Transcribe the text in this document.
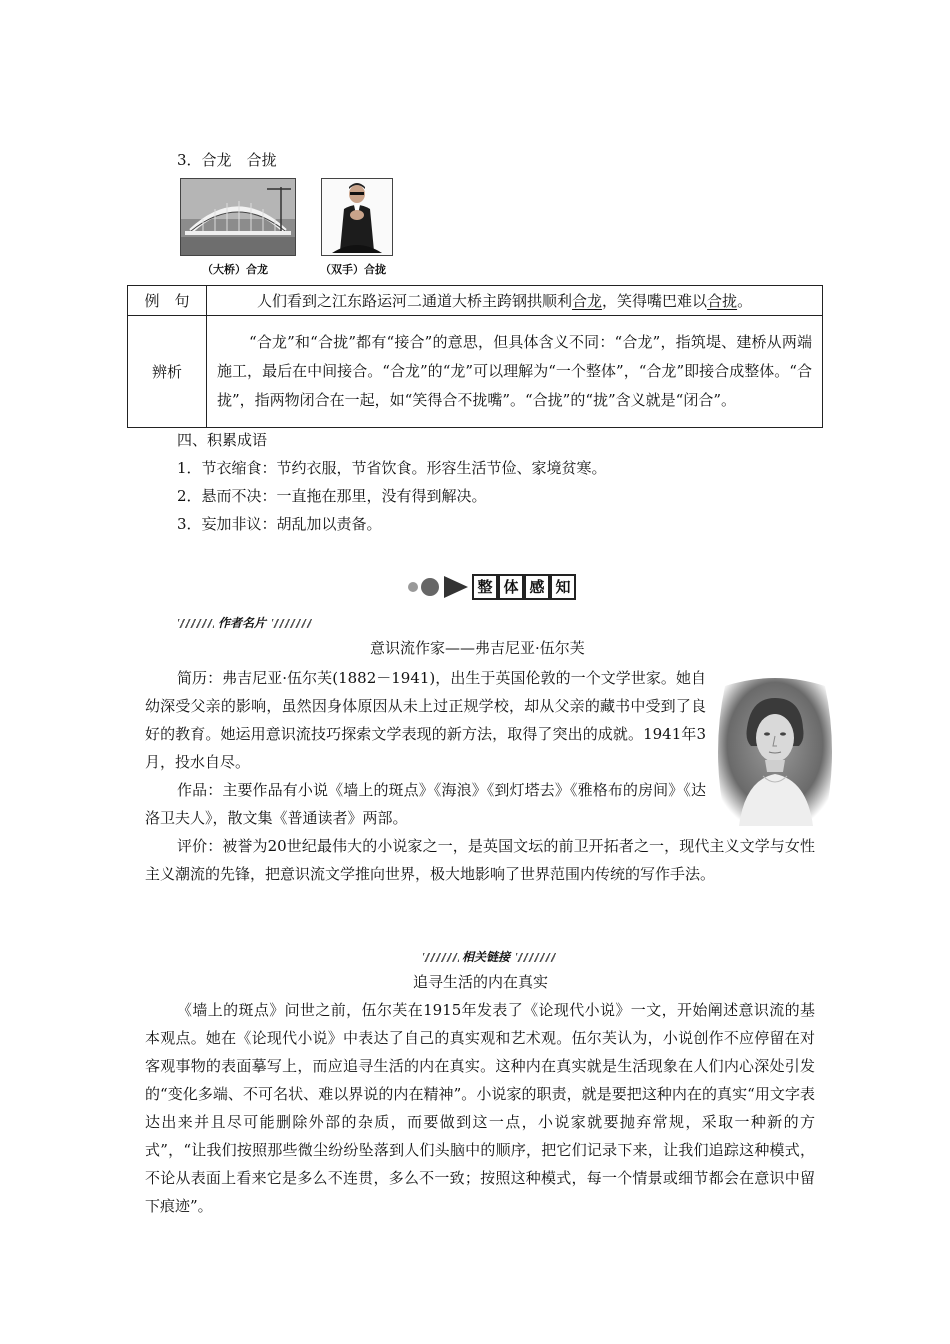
3．合龙　合拢
（大桥）合龙	（双手）合拢
例　句	人们看到之江东路运河二通道大桥主跨钢拱顺利合龙，笑得嘴巴难以合拢。

辨析	“合龙”和“合拢”都有“接合”的意思，但具体含义不同：“合龙”，指筑堤、建桥从两端施工，最后在中间接合。“合龙”的“龙”可以理解为“一个整体”，“合龙”即接合成整体。“合拢”，指两物闭合在一起，如“笑得合不拢嘴”。“合拢”的“拢”含义就是“闭合”。
四、积累成语
1．节衣缩食：节约衣服，节省饮食。形容生活节俭、家境贫寒。
2．悬而不决：一直拖在那里，没有得到解决。
3．妄加非议：胡乱加以责备。
整 体 感 知
作者名片
意识流作家——弗吉尼亚·伍尔芙
简历：弗吉尼亚·伍尔芙(1882－1941)，出生于英国伦敦的一个文学世家。她自幼深受父亲的影响，虽然因身体原因从未上过正规学校，却从父亲的藏书中受到了良好的教育。她运用意识流技巧探索文学表现的新方法，取得了突出的成就。1941年3月，投水自尽。
作品：主要作品有小说《墙上的斑点》《海浪》《到灯塔去》《雅格布的房间》《达洛卫夫人》，散文集《普通读者》两部。
评价：被誉为20世纪最伟大的小说家之一，是英国文坛的前卫开拓者之一，现代主义文学与女性主义潮流的先锋，把意识流文学推向世界，极大地影响了世界范围内传统的写作手法。
相关链接
追寻生活的内在真实
《墙上的斑点》问世之前，伍尔芙在1915年发表了《论现代小说》一文，开始阐述意识流的基本观点。她在《论现代小说》中表达了自己的真实观和艺术观。伍尔芙认为，小说创作不应停留在对客观事物的表面摹写上，而应追寻生活的内在真实。这种内在真实就是生活现象在人们内心深处引发的“变化多端、不可名状、难以界说的内在精神”。小说家的职责，就是要把这种内在的真实“用文字表达出来并且尽可能删除外部的杂质，而要做到这一点，小说家就要抛弃常规，采取一种新的方式”，“让我们按照那些微尘纷纷坠落到人们头脑中的顺序，把它们记录下来，让我们追踪这种模式，不论从表面上看来它是多么不连贯，多么不一致；按照这种模式，每一个情景或细节都会在意识中留下痕迹”。
